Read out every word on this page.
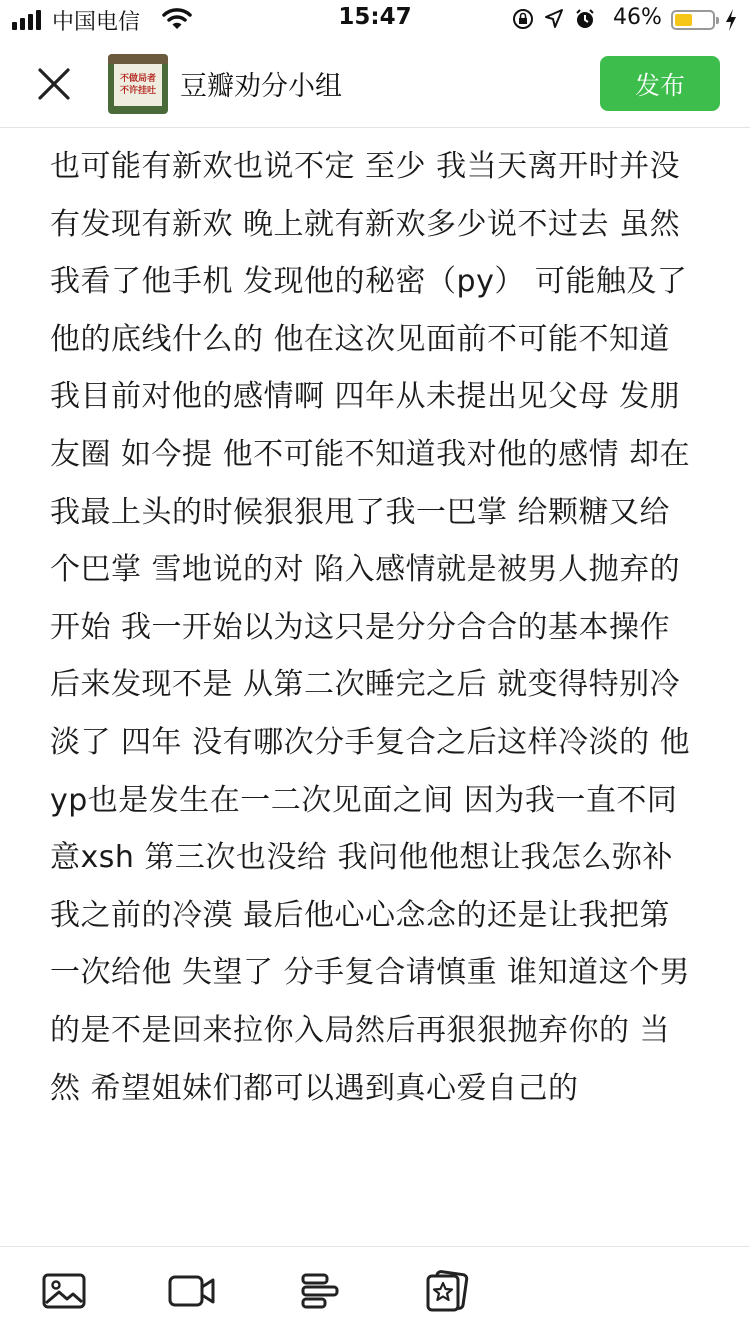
中国电信	15:47	46%
不做局者
不许挂吐 豆瓣劝分小组	发布
也可能有新欢也说不定 至少 我当天离开时并没有发现有新欢 晚上就有新欢多少说不过去 虽然我看了他手机 发现他的秘密（py） 可能触及了他的底线什么的 他在这次见面前不可能不知道我目前对他的感情啊 四年从未提出见父母 发朋友圈 如今提 他不可能不知道我对他的感情 却在我最上头的时候狠狠甩了我一巴掌 给颗糖又给个巴掌 雪地说的对 陷入感情就是被男人抛弃的开始 我一开始以为这只是分分合合的基本操作 后来发现不是 从第二次睡完之后 就变得特别冷淡了 四年 没有哪次分手复合之后这样冷淡的 他yp也是发生在一二次见面之间 因为我一直不同意xsh 第三次也没给 我问他他想让我怎么弥补我之前的冷漠 最后他心心念念的还是让我把第一次给他 失望了 分手复合请慎重 谁知道这个男的是不是回来拉你入局然后再狠狠抛弃你的 当然 希望姐妹们都可以遇到真心爱自己的
